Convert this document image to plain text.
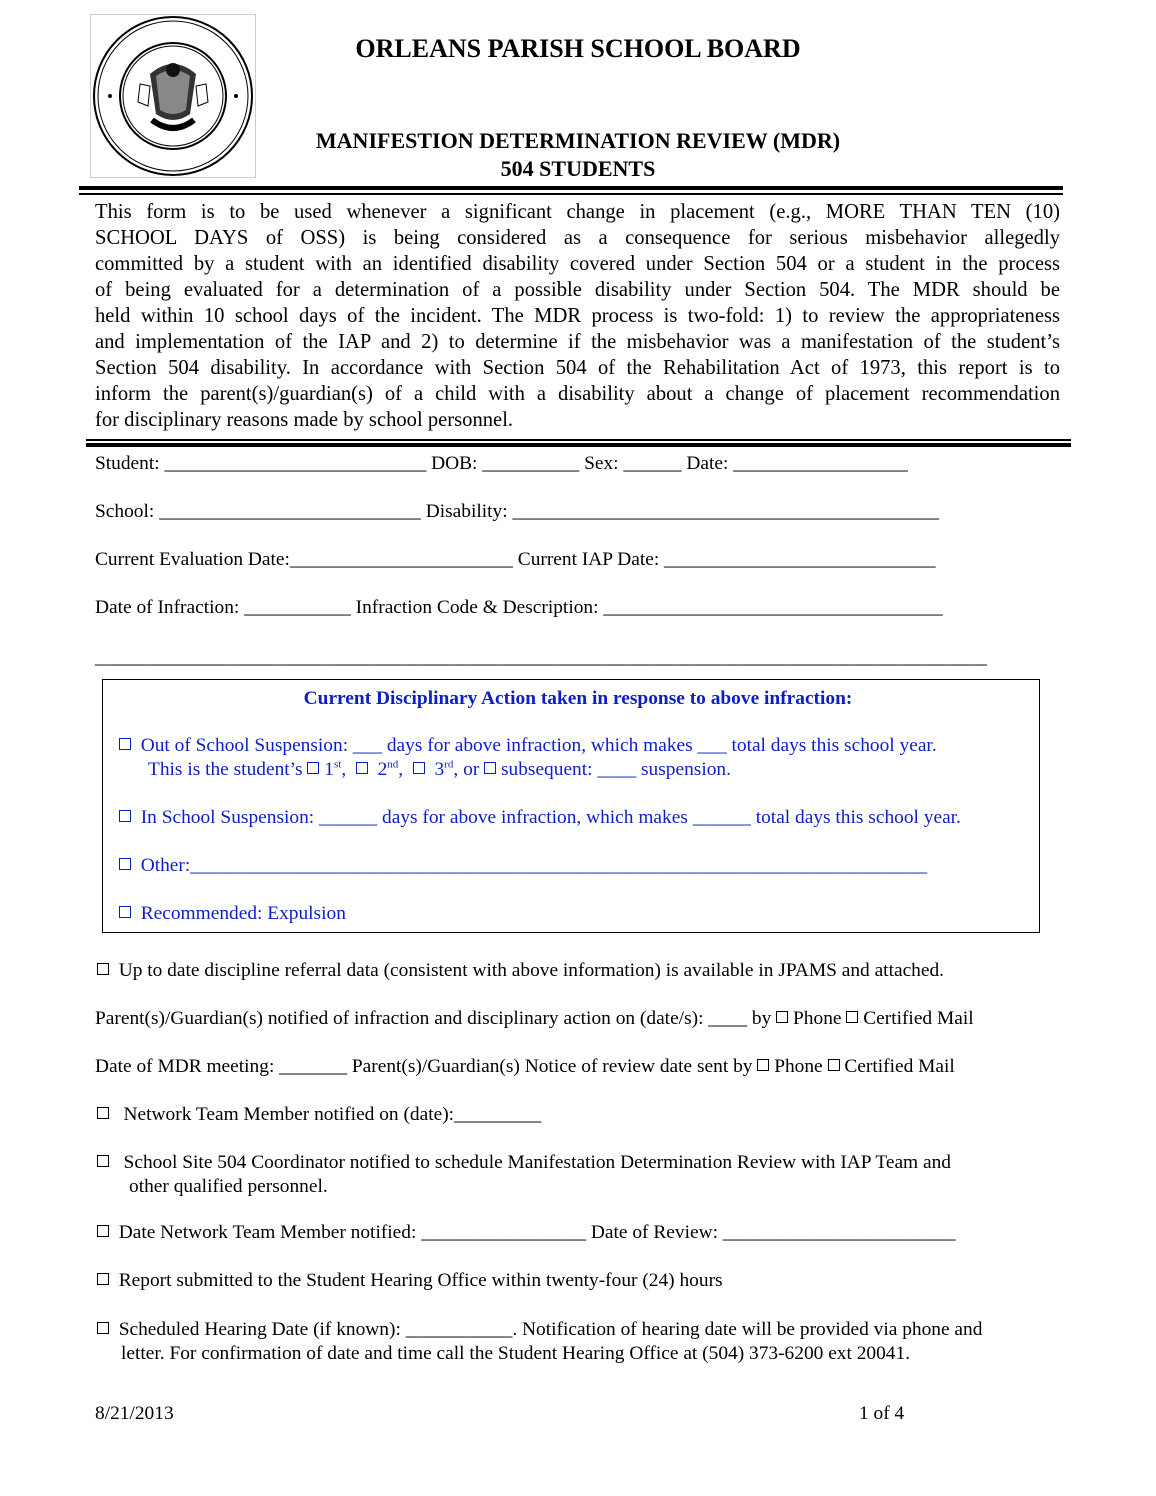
ORLEANS PARISH SCHOOL BOARD
MANIFESTION DETERMINATION REVIEW (MDR)
504 STUDENTS
This form is to be used whenever a significant change in placement (e.g., MORE THAN TEN (10)
SCHOOL DAYS of OSS) is being considered as a consequence for serious misbehavior allegedly
committed by a student with an identified disability covered under Section 504 or a student in the process
of being evaluated for a determination of a possible disability under Section 504. The MDR should be
held within 10 school days of the incident. The MDR process is two-fold: 1) to review the appropriateness
and implementation of the IAP and 2) to determine if the misbehavior was a manifestation of the student’s
Section 504 disability. In accordance with Section 504 of the Rehabilitation Act of 1973, this report is to
inform the parent(s)/guardian(s) of a child with a disability about a change of placement recommendation
for disciplinary reasons made by school personnel.
Student: ___________________________ DOB: __________ Sex: ______ Date: __________________
School: ___________________________ Disability: ____________________________________________
Current Evaluation Date:_______________________ Current IAP Date: ____________________________
Date of Infraction: ___________ Infraction Code & Description: ___________________________________
____________________________________________________________________________________________
Current Disciplinary Action taken in response to above infraction:
Out of School Suspension: ___ days for above infraction, which makes ___ total days this school year.
This is the student’s  1st,    2nd,    3rd, or  subsequent: ____ suspension.
In School Suspension: ______ days for above infraction, which makes ______ total days this school year.
Other:____________________________________________________________________________
Recommended: Expulsion
Up to date discipline referral data (consistent with above information) is available in JPAMS and attached.
Parent(s)/Guardian(s) notified of infraction and disciplinary action on (date/s): ____ by  Phone  Certified Mail
Date of MDR meeting: _______ Parent(s)/Guardian(s) Notice of review date sent by  Phone  Certified Mail
Network Team Member notified on (date):_________
School Site 504 Coordinator notified to schedule Manifestation Determination Review with IAP Team and
other qualified personnel.
Date Network Team Member notified: _________________ Date of Review: ________________________
Report submitted to the Student Hearing Office within twenty-four (24) hours
Scheduled Hearing Date (if known): ___________. Notification of hearing date will be provided via phone and
letter. For confirmation of date and time call the Student Hearing Office at (504) 373-6200 ext 20041.
8/21/2013	1 of 4
